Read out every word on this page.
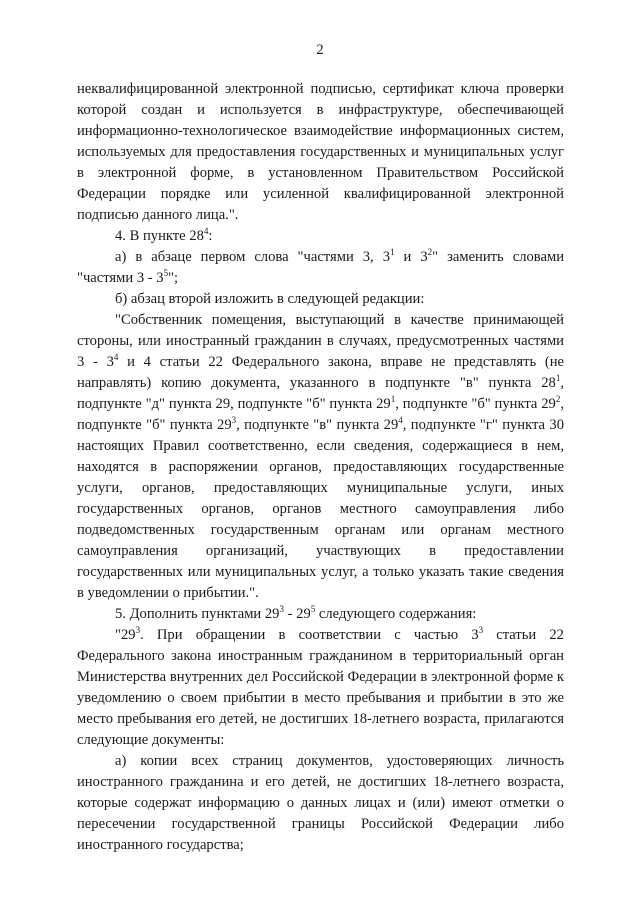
2

неквалифицированной электронной подписью, сертификат ключа проверки которой создан и используется в инфраструктуре, обеспечивающей информационно-технологическое взаимодействие информационных систем, используемых для предоставления государственных и муниципальных услуг в электронной форме, в установленном Правительством Российской Федерации порядке или усиленной квалифицированной электронной подписью данного лица.".

4. В пункте $28^4$:

а) в абзаце первом слова "частями 3, $3^1$ и $3^2$" заменить словами "частями $3 - 3^5$";

б) абзац второй изложить в следующей редакции:

"Собственник помещения, выступающий в качестве принимающей стороны, или иностранный гражданин в случаях, предусмотренных частями $3 - 3^4$ и 4 статьи 22 Федерального закона, вправе не представлять (не направлять) копию документа, указанного в подпункте "в" пункта $28^1$, подпункте "д" пункта 29, подпункте "б" пункта $29^1$, подпункте "б" пункта $29^2$, подпункте "б" пункта $29^3$, подпункте "в" пункта $29^4$, подпункте "г" пункта 30 настоящих Правил соответственно, если сведения, содержащиеся в нем, находятся в распоряжении органов, предоставляющих государственные услуги, органов, предоставляющих муниципальные услуги, иных государственных органов, органов местного самоуправления либо подведомственных государственным органам или органам местного самоуправления организаций, участвующих в предоставлении государственных или муниципальных услуг, а только указать такие сведения в уведомлении о прибытии.".

5. Дополнить пунктами $29^3 - 29^5$ следующего содержания:

"$29^3$. При обращении в соответствии с частью $3^3$ статьи 22 Федерального закона иностранным гражданином в территориальный орган Министерства внутренних дел Российской Федерации в электронной форме к уведомлению о своем прибытии в место пребывания и прибытии в это же место пребывания его детей, не достигших 18-летнего возраста, прилагаются следующие документы:

а) копии всех страниц документов, удостоверяющих личность иностранного гражданина и его детей, не достигших 18-летнего возраста, которые содержат информацию о данных лицах и (или) имеют отметки о пересечении государственной границы Российской Федерации либо иностранного государства;
